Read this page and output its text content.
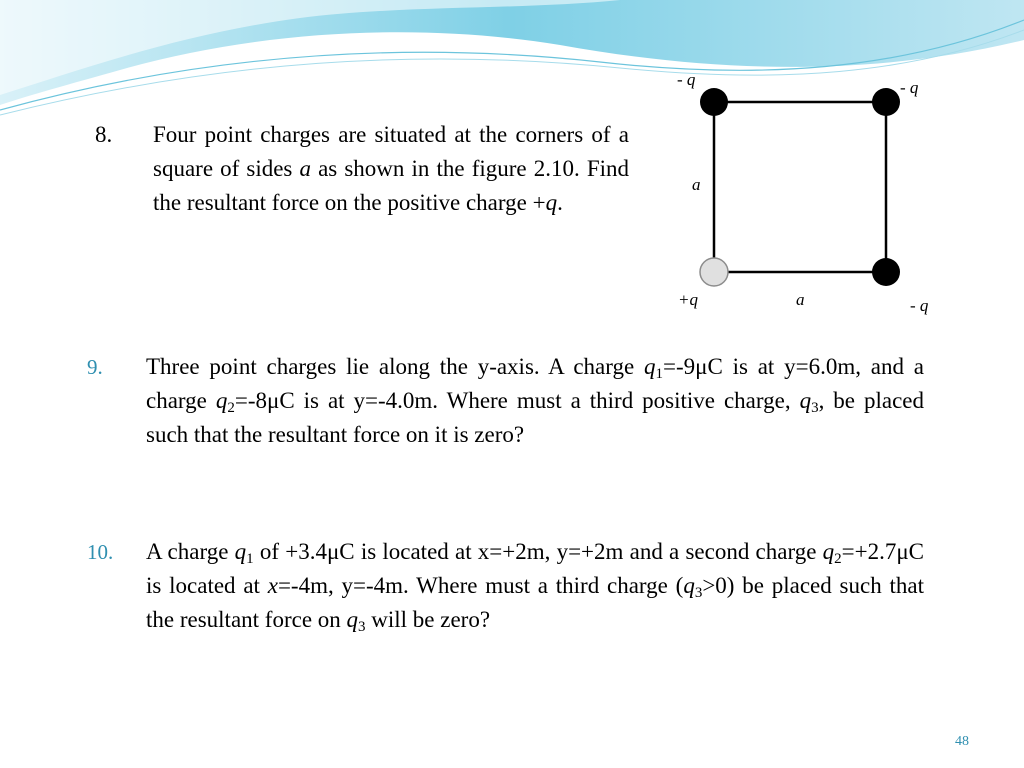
8. Four point charges are situated at the corners of a square of sides a as shown in the figure 2.10. Find the resultant force on the positive charge +q.
- q	- q
a
+q	a	- q
9. Three point charges lie along the y-axis. A charge $q_1=-9\mu C$ is at y=6.0m, and a charge $q_2=-8\mu C$ is at y=-4.0m. Where must a third positive charge, $q_3$, be placed such that the resultant force on it is zero?
10. A charge $q_1$ of +3.4μC is located at x=+2m, y=+2m and a second charge $q_2=+2.7\mu C$ is located at x=-4m, y=-4m. Where must a third charge $(q_3>0)$ be placed such that the resultant force on $q_3$ will be zero?
48
